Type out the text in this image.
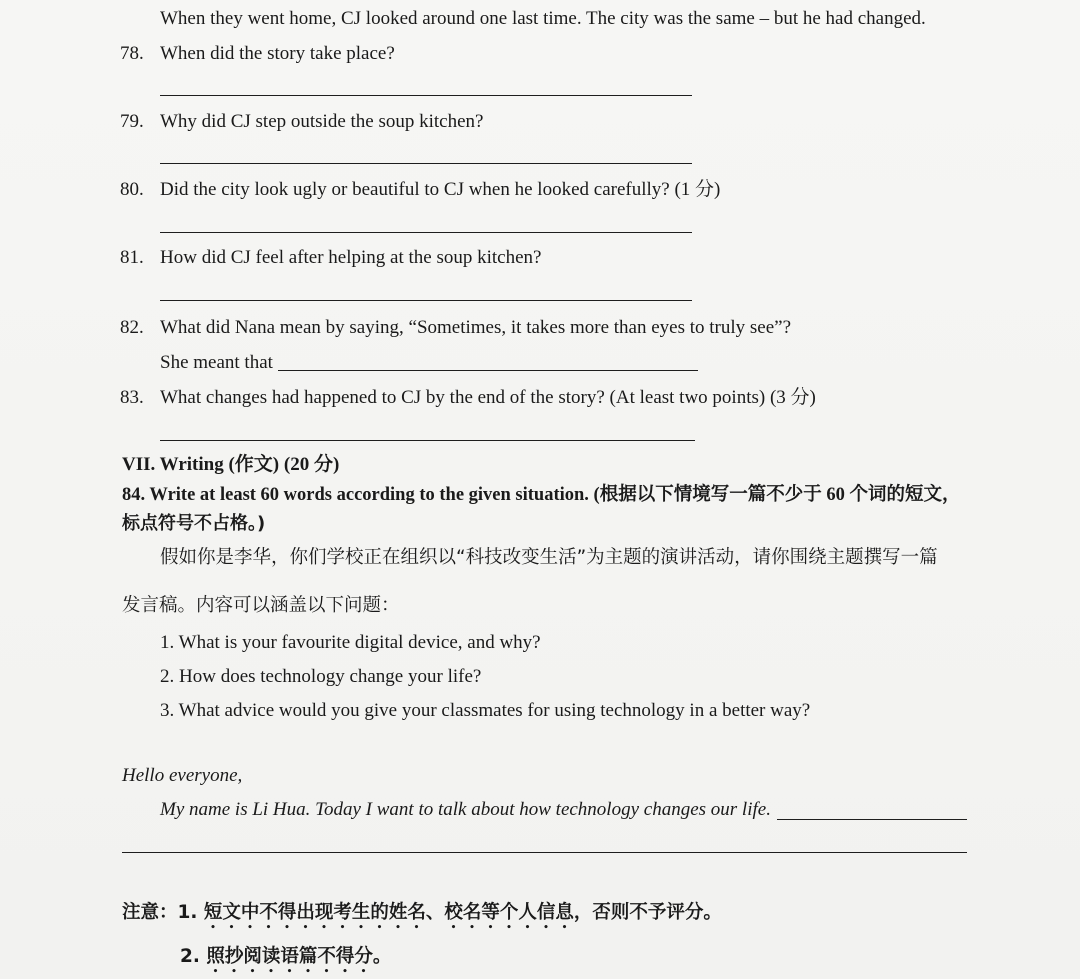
When they went home, CJ looked around one last time. The city was the same – but he had changed.
78. When did the story take place?
79. Why did CJ step outside the soup kitchen?
80. Did the city look ugly or beautiful to CJ when he looked carefully? (1 分)
81. How did CJ feel after helping at the soup kitchen?
82. What did Nana mean by saying, “Sometimes, it takes more than eyes to truly see”?
She meant that
83. What changes had happened to CJ by the end of the story? (At least two points) (3 分)
VII. Writing (作文) (20 分)
84. Write at least 60 words according to the given situation. (根据以下情境写一篇不少于 60 个词的短文，
标点符号不占格。)
假如你是李华，你们学校正在组织以“科技改变生活”为主题的演讲活动，请你围绕主题撰写一篇
发言稿。内容可以涵盖以下问题：
1. What is your favourite digital device, and why?
2. How does technology change your life?
3. What advice would you give your classmates for using technology in a better way?
Hello everyone,
My name is Li Hua. Today I want to talk about how technology changes our life.
注意：1. 短文中不得出现考生的姓名、校名等个人信息，否则不予评分。
2. 照抄阅读语篇不得分。
